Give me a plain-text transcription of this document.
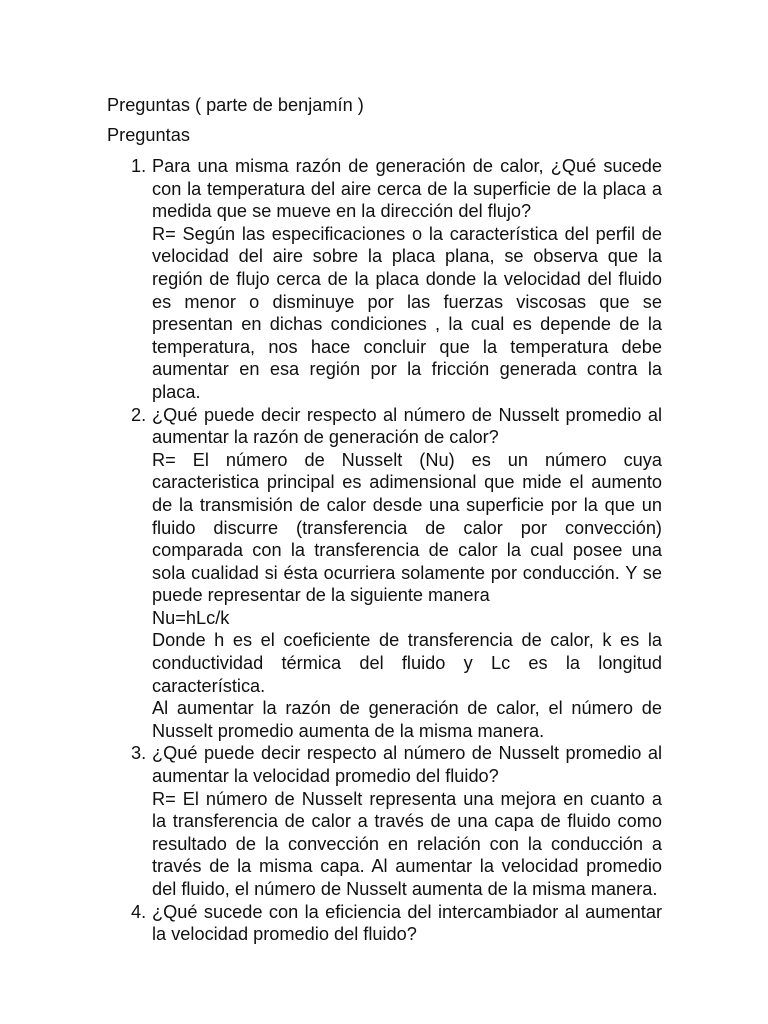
Preguntas ( parte de benjamín )
Preguntas
1. Para una misma razón de generación de calor, ¿Qué sucede con la temperatura del aire cerca de la superficie de la placa a medida que se mueve en la dirección del flujo?

R= Según las especificaciones o la característica del perfil de velocidad del aire sobre la placa plana, se observa que la región de flujo cerca de la placa donde la velocidad del fluido es menor o disminuye por las fuerzas viscosas que se presentan en dichas condiciones , la cual es depende de la temperatura, nos hace concluir que la temperatura debe aumentar en esa región por la fricción generada contra la placa.

2. ¿Qué puede decir respecto al número de Nusselt promedio al aumentar la razón de generación de calor?

R= El número de Nusselt (Nu) es un número cuya caracteristica principal es adimensional que mide el aumento de la transmisión de calor desde una superficie por la que un fluido discurre (transferencia de calor por convección) comparada con la transferencia de calor la cual posee una sola cualidad si ésta ocurriera solamente por conducción. Y se puede representar de la siguiente manera

Nu=hLc/k

Donde h es el coeficiente de transferencia de calor, k es la conductividad térmica del fluido y Lc es la longitud característica.

Al aumentar la razón de generación de calor, el número de Nusselt promedio aumenta de la misma manera.

3. ¿Qué puede decir respecto al número de Nusselt promedio al aumentar la velocidad promedio del fluido?

R= El número de Nusselt representa una mejora en cuanto a la transferencia de calor a través de una capa de fluido como resultado de la convección en relación con la conducción a través de la misma capa. Al aumentar la velocidad promedio del fluido, el número de Nusselt aumenta de la misma manera.

4. ¿Qué sucede con la eficiencia del intercambiador al aumentar la velocidad promedio del fluido?
